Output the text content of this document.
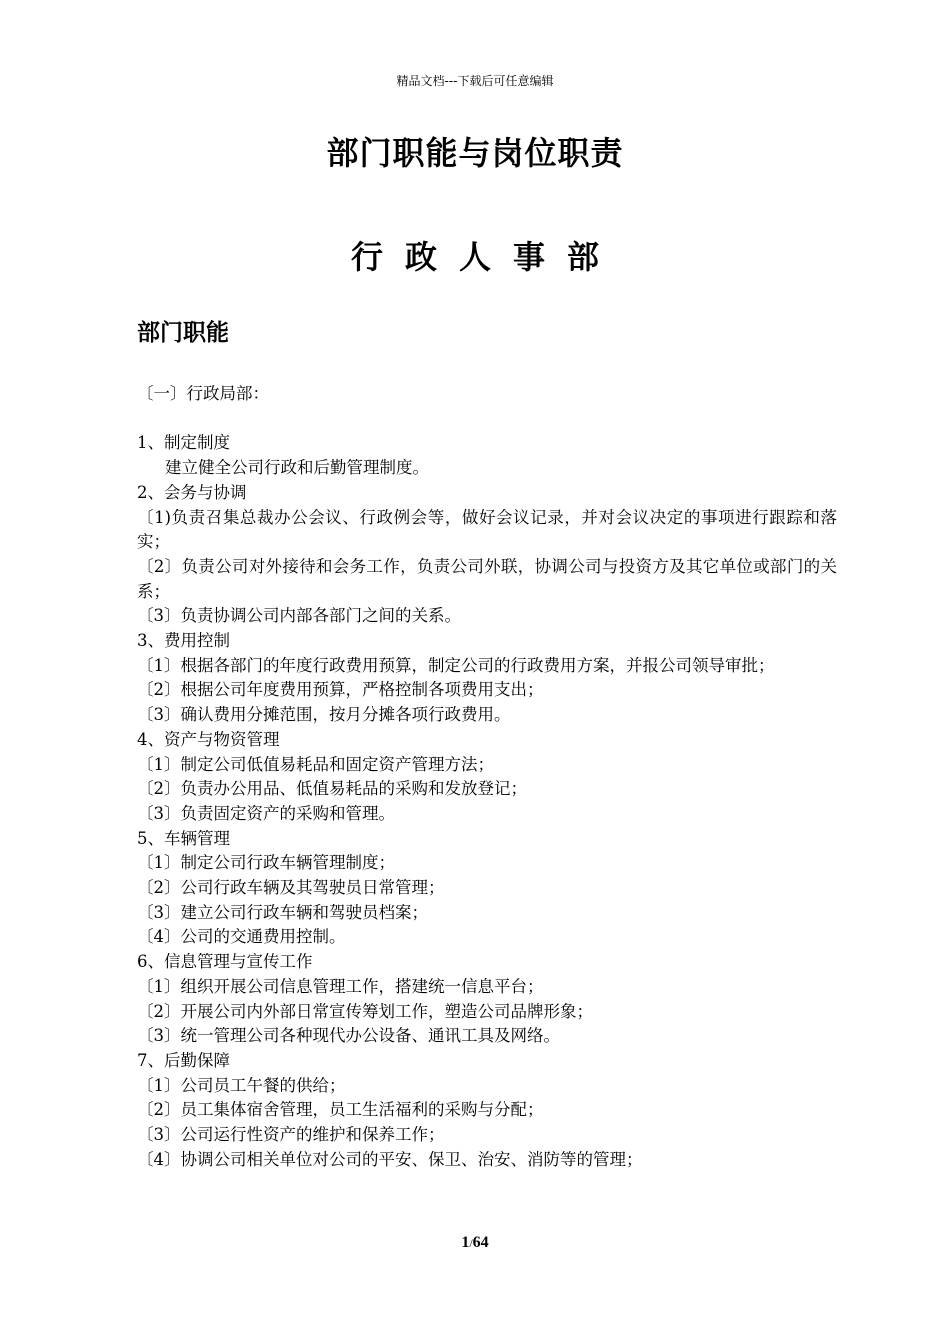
精品文档---下载后可任意编辑
部门职能与岗位职责
行政人事部
部门职能
〔一〕行政局部：
1、制定制度
建立健全公司行政和后勤管理制度。
2、会务与协调
〔1)负责召集总裁办公会议、行政例会等，做好会议记录，并对会议决定的事项进行跟踪和落实；
〔2〕负责公司对外接待和会务工作，负责公司外联，协调公司与投资方及其它单位或部门的关系；
〔3〕负责协调公司内部各部门之间的关系。
3、费用控制
〔1〕根据各部门的年度行政费用预算，制定公司的行政费用方案，并报公司领导审批；
〔2〕根据公司年度费用预算，严格控制各项费用支出；
〔3〕确认费用分摊范围，按月分摊各项行政费用。
4、资产与物资管理
〔1〕制定公司低值易耗品和固定资产管理方法；
〔2〕负责办公用品、低值易耗品的采购和发放登记；
〔3〕负责固定资产的采购和管理。
5、车辆管理
〔1〕制定公司行政车辆管理制度；
〔2〕公司行政车辆及其驾驶员日常管理；
〔3〕建立公司行政车辆和驾驶员档案；
〔4〕公司的交通费用控制。
6、信息管理与宣传工作
〔1〕组织开展公司信息管理工作，搭建统一信息平台；
〔2〕开展公司内外部日常宣传筹划工作，塑造公司品牌形象；
〔3〕统一管理公司各种现代办公设备、通讯工具及网络。
7、后勤保障
〔1〕公司员工午餐的供给；
〔2〕员工集体宿舍管理，员工生活福利的采购与分配；
〔3〕公司运行性资产的维护和保养工作；
〔4〕协调公司相关单位对公司的平安、保卫、治安、消防等的管理；
1/64
